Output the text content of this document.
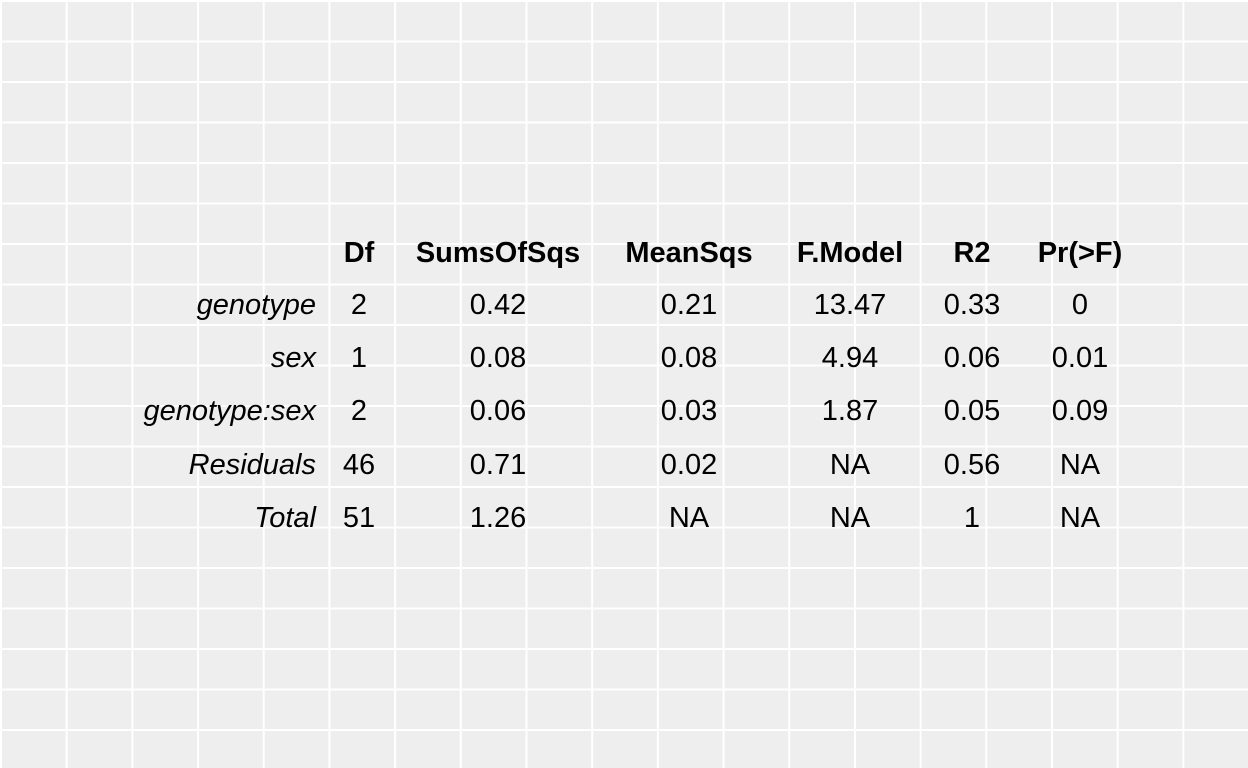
Df SumsOfSqs MeanSqs F.Model R2 Pr(>F)
genotype 2	0.42	0.21	13.47 0.33 0
sex 1	0.08	0.08	4.94 0.06 0.01
genotype:sex 2	0.06	0.03	1.87 0.05 0.09
Residuals 46	0.71	0.02	NA	0.56 NA
Total 51	1.26	NA	NA	1	NA
